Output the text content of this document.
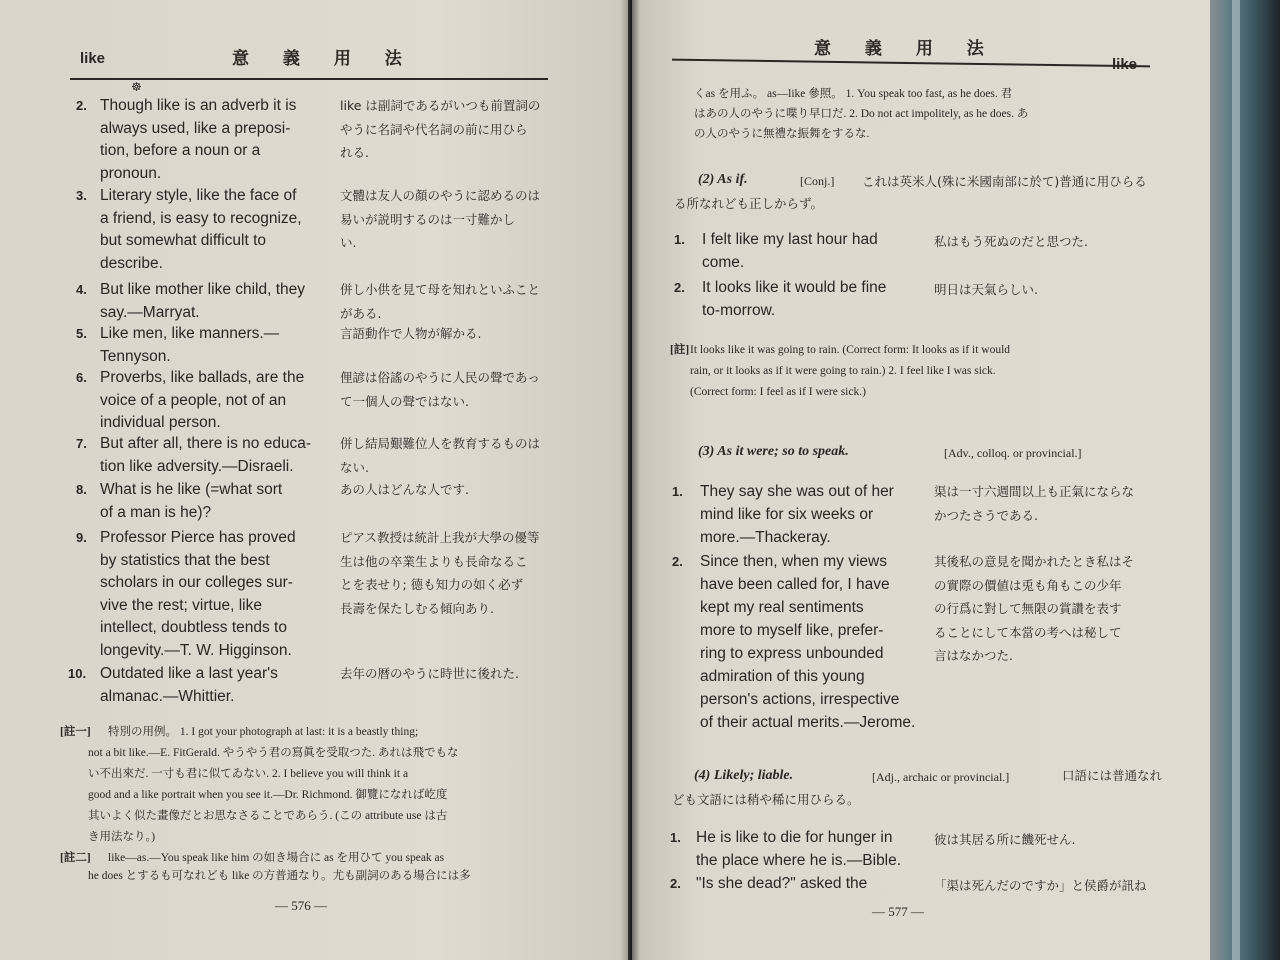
like	意 義 用 法
☸
2. Though like is an adverb it is
always used, like a preposi-
tion, before a noun or a
pronoun.
like は副詞であるがいつも前置詞の
やうに名詞や代名詞の前に用ひら
れる.
3. Literary style, like the face of
a friend, is easy to recognize,
but somewhat difficult to
describe.
文體は友人の顏のやうに認めるのは
易いが説明するのは一寸難かし
い.
4. But like mother like child, they
say.—Marryat.
併し小供を見て母を知れといふこと
がある.
5. Like men, like manners.—
Tennyson.
言語動作で人物が解かる.
6. Proverbs, like ballads, are the
voice of a people, not of an
individual person.
俚諺は俗謠のやうに人民の聲であっ
て一個人の聲ではない.
7. But after all, there is no educa-
tion like adversity.—Disraeli.
併し結局艱難位人を教育するものは
ない.
8. What is he like (=what sort
of a man is he)?
あの人はどんな人です.
9. Professor Pierce has proved
by statistics that the best
scholars in our colleges sur-
vive the rest; virtue, like
intellect, doubtless tends to
longevity.—T. W. Higginson.
ピアス教授は統計上我が大學の優等
生は他の卒業生よりも長命なるこ
とを表せり; 德も知力の如く必ず
長壽を保たしむる傾向あり.
10. Outdated like a last year's
almanac.—Whittier.
去年の暦のやうに時世に後れた.
[註一] 特別の用例。 1. I got your photograph at last: it is a beastly thing;
not a bit like.—E. FitGerald. やうやう君の寫眞を受取つた. あれは飛でもな
い不出來だ. 一寸も君に似てゐない. 2. I believe you will think it a
good and a like portrait when you see it.—Dr. Richmond. 御覽になれば屹度
其いよく似た畫像だとお思なさることであらう. (この attribute use は古
き用法なり。)
[註二] like—as.—You speak like him の如き場合に as を用ひて you speak as
he does とするも可なれども like の方普通なり。尤も副詞のある場合には多
— 576 —
意 義 用 法
くas を用ふ。 as—like 參照。 1. You speak too fast, as he does. 君
はあの人のやうに喋り早口だ. 2. Do not act impolitely, as he does. あ
の人のやうに無禮な振舞をするな.
(2) As if.	[Conj.] これは英米人(殊に米國南部に於て)普通に用ひらる
る所なれども正しからず。
1. I felt like my last hour had
come.
私はもう死ぬのだと思つた.
2. It looks like it would be fine
to-morrow.
明日は天氣らしい.
[註] It looks like it was going to rain. (Correct form: It looks as if it would
rain, or it looks as if it were going to rain.) 2. I feel like I was sick.
(Correct form: I feel as if I were sick.)
(3) As it were; so to speak.	[Adv., colloq. or provincial.]
1. They say she was out of her
mind like for six weeks or
more.—Thackeray.
渠は一寸六週間以上も正氣にならな
かつたさうである.
2. Since then, when my views
have been called for, I have
kept my real sentiments
more to myself like, prefer-
ring to express unbounded
admiration of this young
person's actions, irrespective
of their actual merits.—Jerome.
其後私の意見を聞かれたとき私はそ
の實際の價値は兎も角もこの少年
の行爲に對して無限の賞讚を表す
ることにして本當の考へは秘して
言はなかつた.
(4) Likely; liable.	[Adj., archaic or provincial.]	口語には普通なれ
ども文語には稍や稀に用ひらる。
1. He is like to die for hunger in
the place where he is.—Bible.
彼は其居る所に饑死せん.
2. "Is she dead?" asked the	「渠は死んだのですか」と侯爵が訊ね
— 577 —
